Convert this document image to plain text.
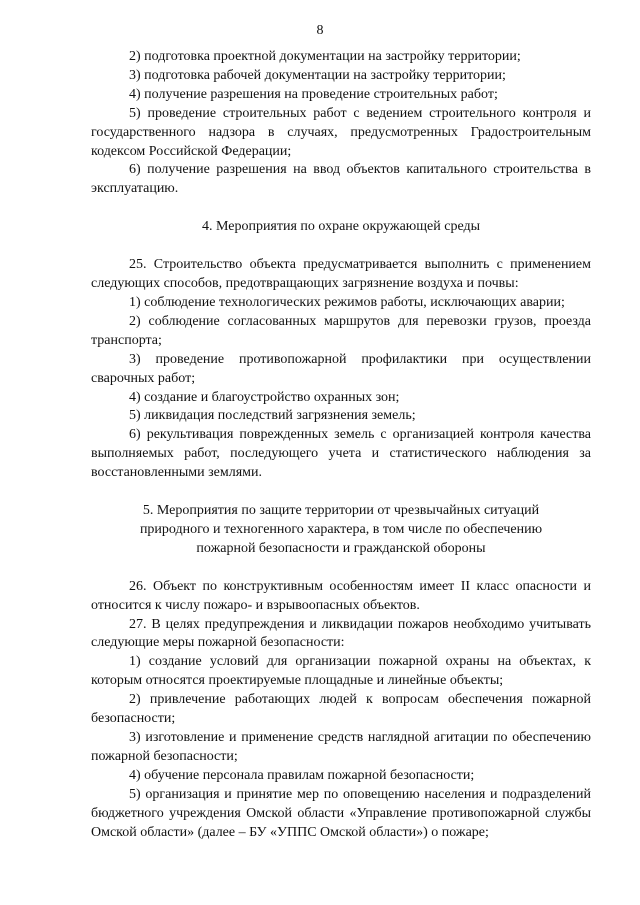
8

2) подготовка проектной документации на застройку территории;

3) подготовка рабочей документации на застройку территории;

4) получение разрешения на проведение строительных работ;

5) проведение строительных работ с ведением строительного контроля и государственного надзора в случаях, предусмотренных Градостроительным кодексом Российской Федерации;

6) получение разрешения на ввод объектов капитального строительства в эксплуатацию.

4. Мероприятия по охране окружающей среды

25. Строительство объекта предусматривается выполнить с применением следующих способов, предотвращающих загрязнение воздуха и почвы:

1) соблюдение технологических режимов работы, исключающих аварии;

2) соблюдение согласованных маршрутов для перевозки грузов, проезда транспорта;

3) проведение противопожарной профилактики при осуществлении сварочных работ;

4) создание и благоустройство охранных зон;

5) ликвидация последствий загрязнения земель;

6) рекультивация поврежденных земель с организацией контроля качества выполняемых работ, последующего учета и статистического наблюдения за восстановленными землями.

5. Мероприятия по защите территории от чрезвычайных ситуаций
природного и техногенного характера, в том числе по обеспечению
пожарной безопасности и гражданской обороны

26. Объект по конструктивным особенностям имеет II класс опасности и относится к числу пожаро- и взрывоопасных объектов.

27. В целях предупреждения и ликвидации пожаров необходимо учитывать следующие меры пожарной безопасности:

1) создание условий для организации пожарной охраны на объектах, к которым относятся проектируемые площадные и линейные объекты;

2) привлечение работающих людей к вопросам обеспечения пожарной безопасности;

3) изготовление и применение средств наглядной агитации по обеспечению пожарной безопасности;

4) обучение персонала правилам пожарной безопасности;

5) организация и принятие мер по оповещению населения и подразделений бюджетного учреждения Омской области «Управление противопожарной службы Омской области» (далее – БУ «УППС Омской области») о пожаре;
